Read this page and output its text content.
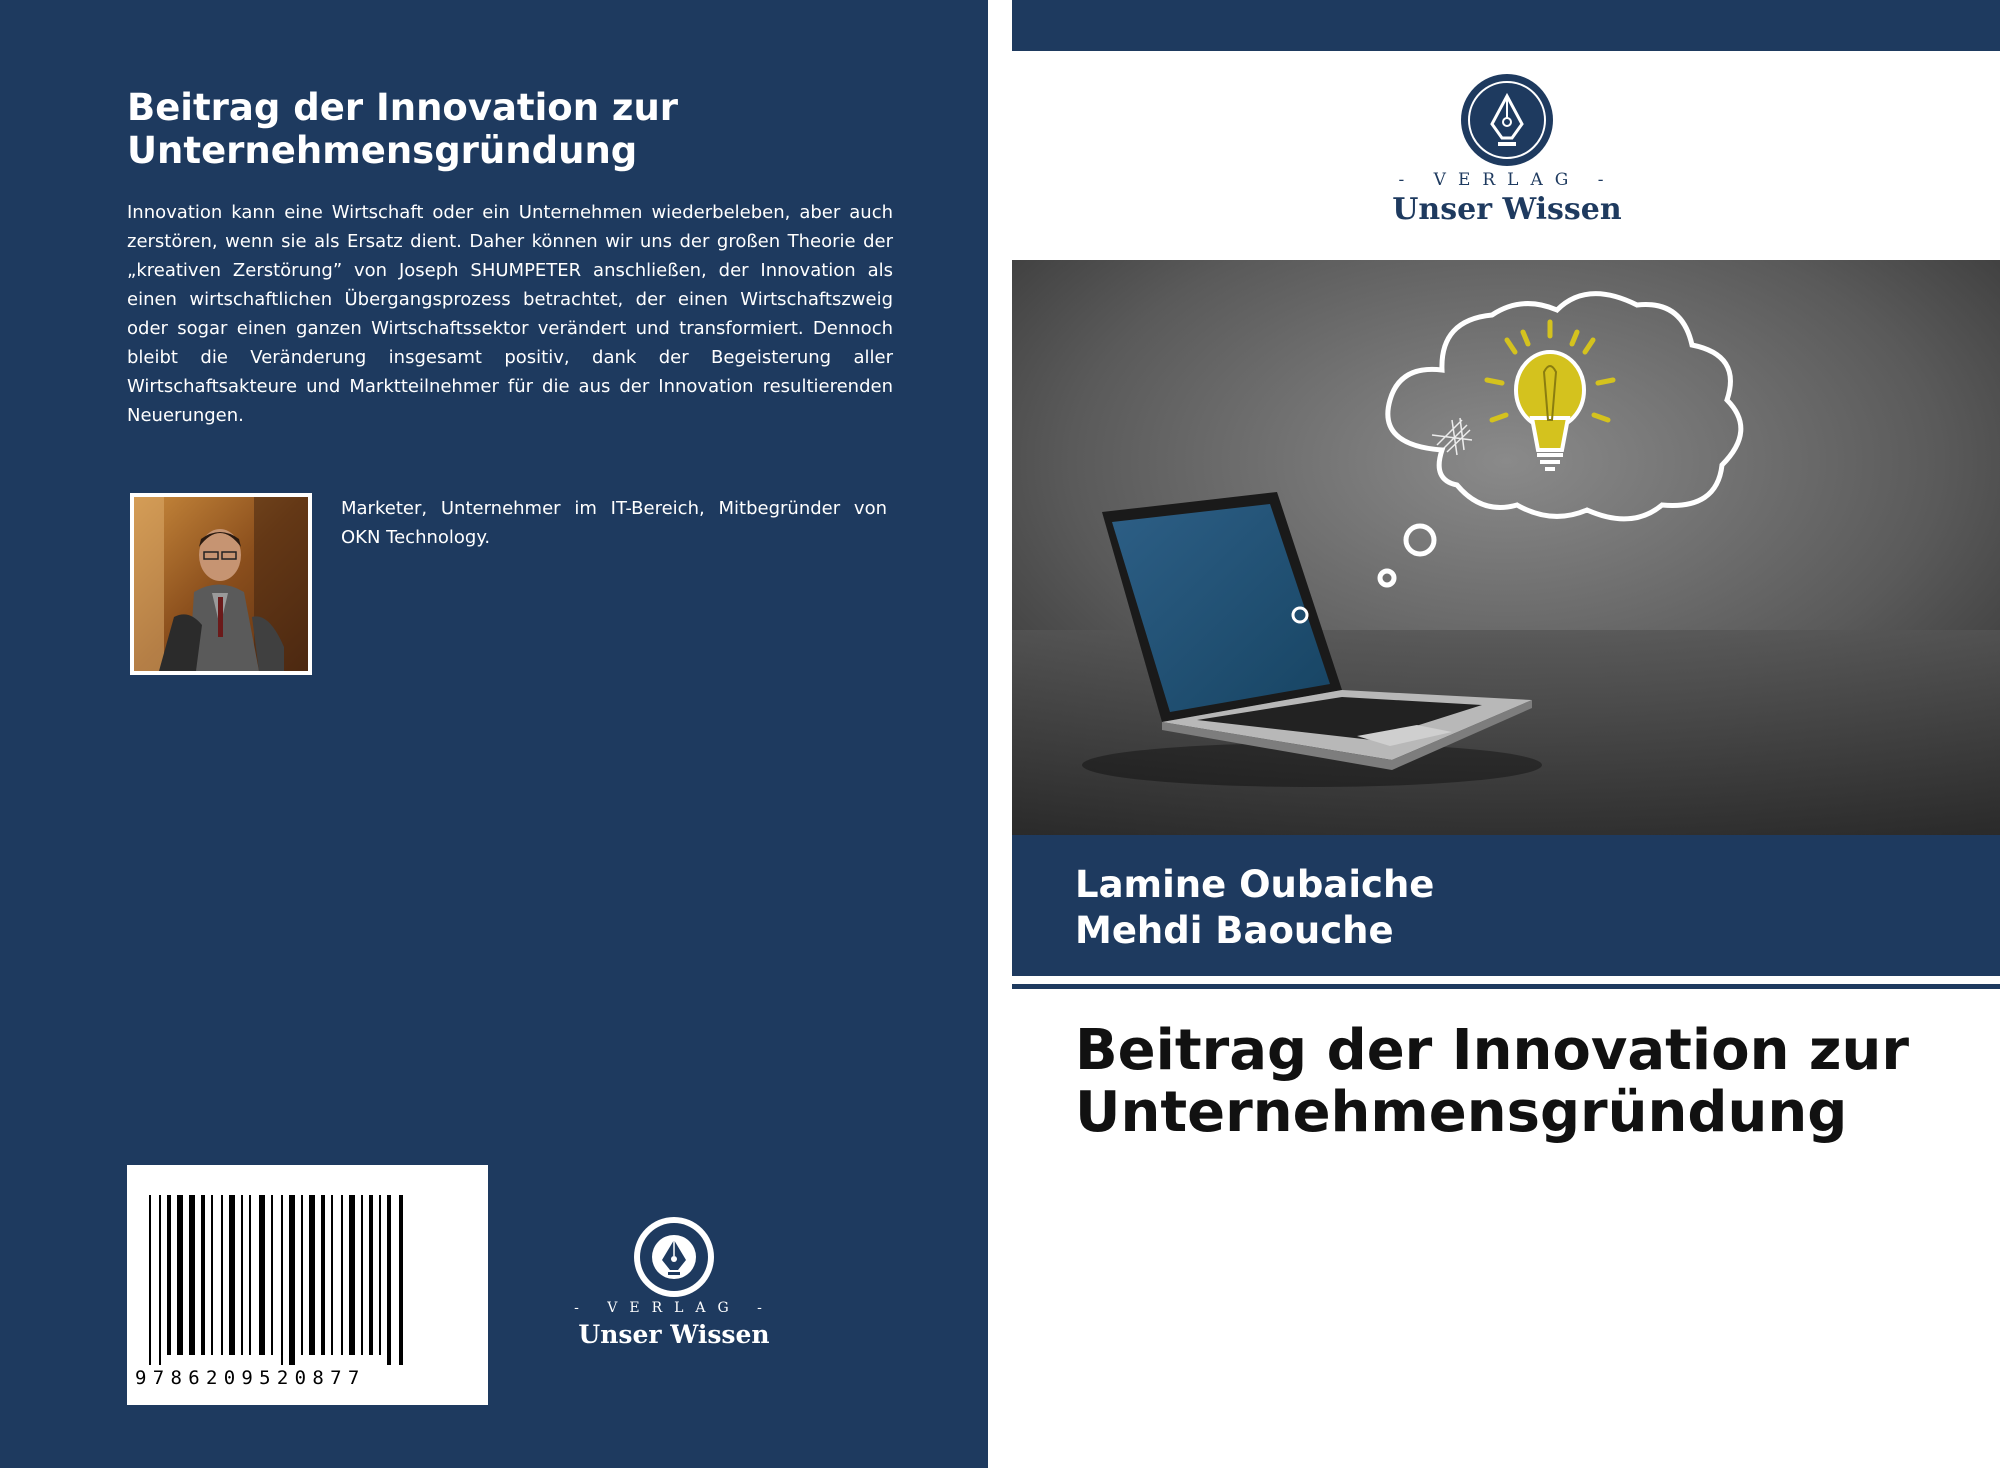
Beitrag der Innovation zur Unternehmensgründung

Innovation kann eine Wirtschaft oder ein Unternehmen wiederbeleben, aber auch zerstören, wenn sie als Ersatz dient. Daher können wir uns der großen Theorie der „kreativen Zerstörung” von Joseph SHUMPETER anschließen, der Innovation als einen wirtschaftlichen Übergangsprozess betrachtet, der einen Wirtschaftszweig oder sogar einen ganzen Wirtschaftssektor verändert und transformiert. Dennoch bleibt die Veränderung insgesamt positiv, dank der Begeisterung aller Wirtschaftsakteure und Marktteilnehmer für die aus der Innovation resultierenden Neuerungen.

Marketer, Unternehmer im IT-Bereich, Mitbegründer von OKN Technology.

9786209520877
- VERLAG -
Unser Wissen
- VERLAG -
Unser Wissen
Lamine Oubaiche
Mehdi Baouche
Beitrag der Innovation zur Unternehmensgründung
